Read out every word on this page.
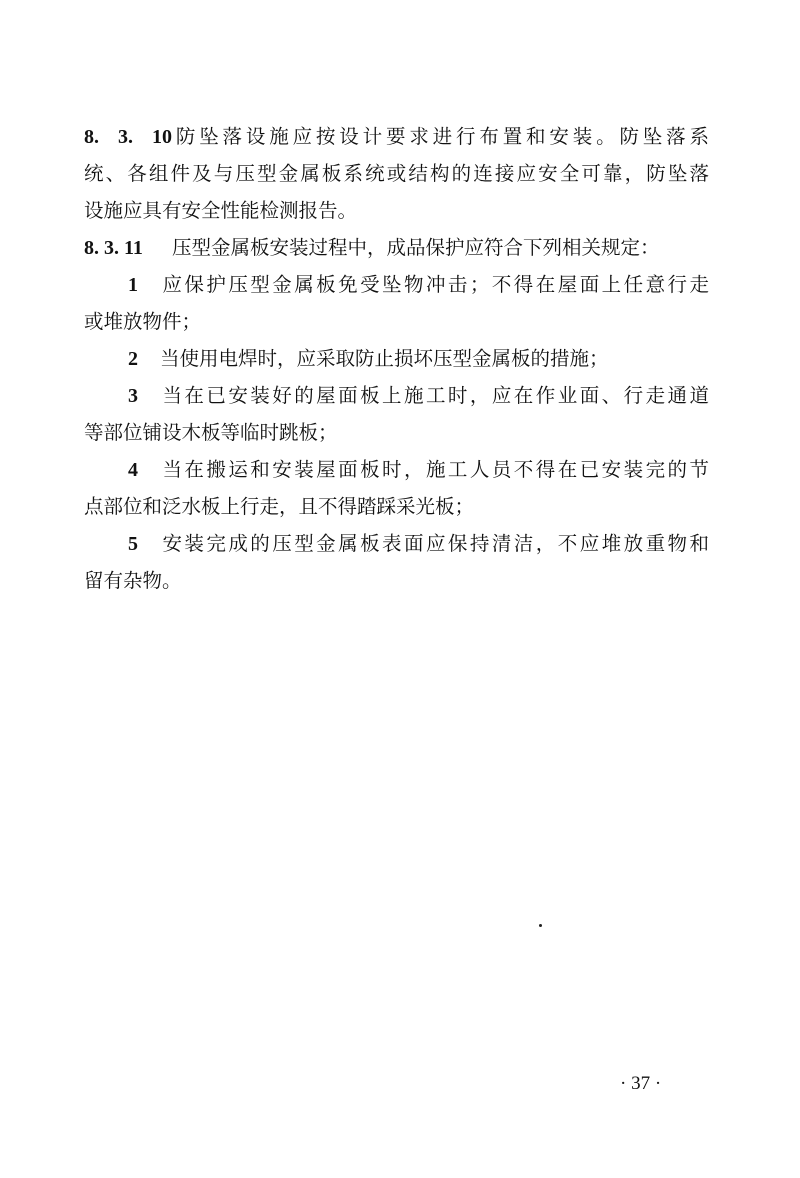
8. 3. 10防坠落设施应按设计要求进行布置和安装。防坠落系
统、各组件及与压型金属板系统或结构的连接应安全可靠，防坠落
设施应具有安全性能检测报告。
8. 3. 11 压型金属板安装过程中，成品保护应符合下列相关规定：
1 应保护压型金属板免受坠物冲击；不得在屋面上任意行走
或堆放物件；
2 当使用电焊时，应采取防止损坏压型金属板的措施；
3 当在已安装好的屋面板上施工时，应在作业面、行走通道
等部位铺设木板等临时跳板；
4 当在搬运和安装屋面板时，施工人员不得在已安装完的节
点部位和泛水板上行走，且不得踏踩采光板；
5 安装完成的压型金属板表面应保持清洁，不应堆放重物和
留有杂物。
· 37 ·
